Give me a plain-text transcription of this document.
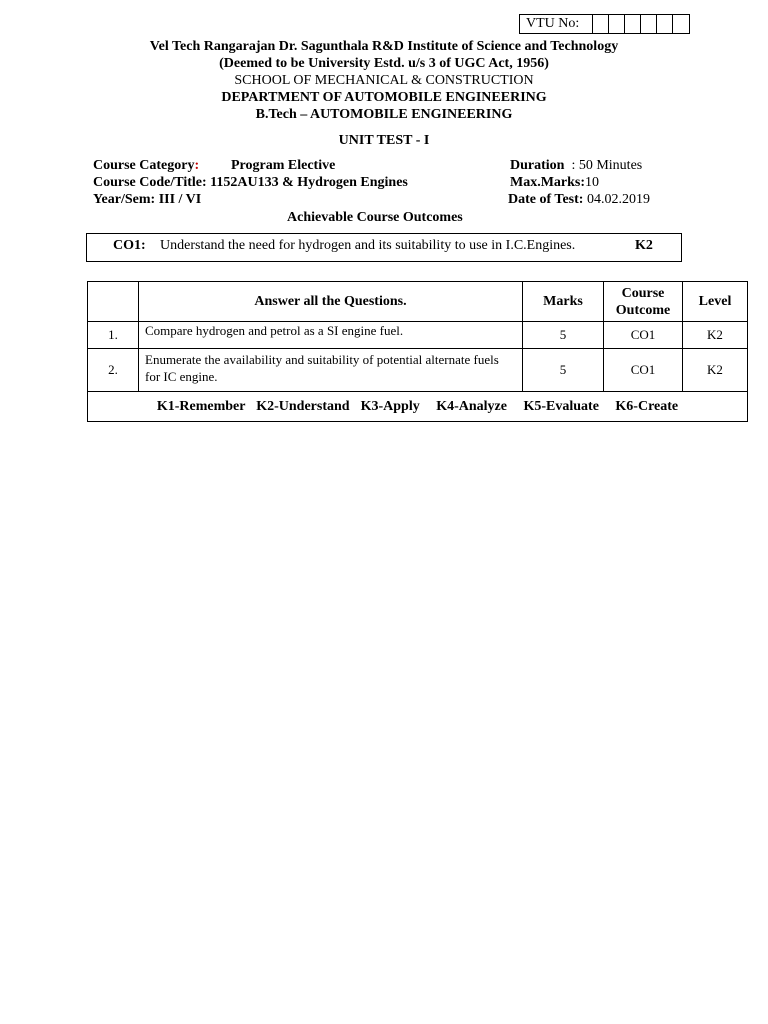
VTU No:
Vel Tech Rangarajan Dr. Sagunthala R&D Institute of Science and Technology
(Deemed to be University Estd. u/s 3 of UGC Act, 1956)
SCHOOL OF MECHANICAL & CONSTRUCTION
DEPARTMENT OF AUTOMOBILE ENGINEERING
B.Tech – AUTOMOBILE ENGINEERING
UNIT TEST - I
Course Category: Program Elective
Course Code/Title: 1152AU133 & Hydrogen Engines
Year/Sem: III / VI
Duration : 50 Minutes
Max.Marks:10
Date of Test: 04.02.2019
Achievable Course Outcomes
CO1: Understand the need for hydrogen and its suitability to use in I.C.Engines.	K2
	Answer all the Questions.	Marks	Course Outcome	Level
1.	Compare hydrogen and petrol as a SI engine fuel.	5	CO1	K2
2.	Enumerate the availability and suitability of potential alternate fuels for IC engine.	5	CO1	K2
K1-Remember  K2-Understand  K3-Apply   K4-Analyze   K5-Evaluate   K6-Create				
